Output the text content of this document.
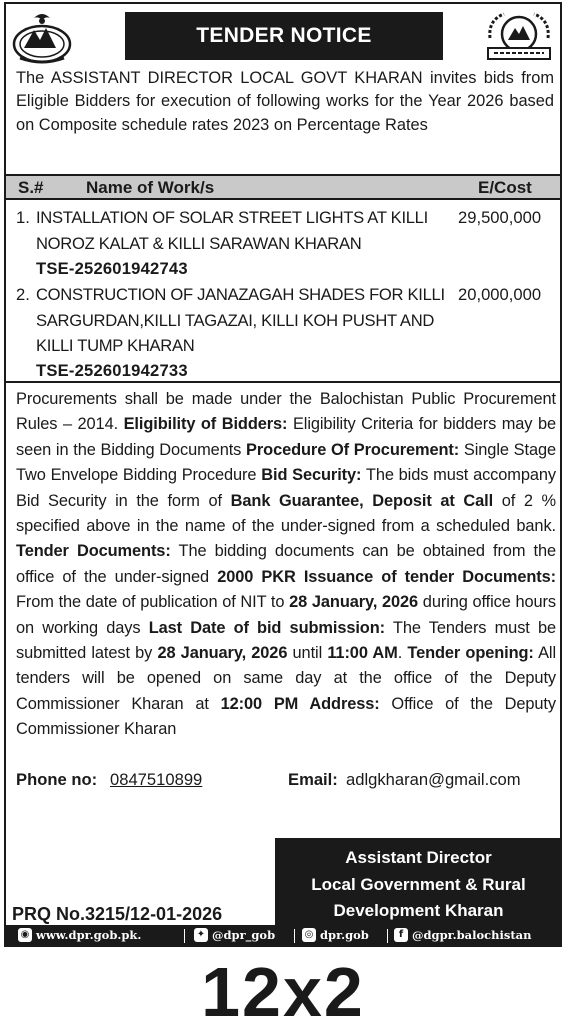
TENDER NOTICE
The ASSISTANT DIRECTOR LOCAL GOVT KHARAN invites bids from Eligible Bidders for execution of following works for the Year 2026 based on Composite schedule rates 2023 on Percentage Rates
S.# Name of Work/s	E/Cost
1. INSTALLATION OF SOLAR STREET LIGHTS AT KILLI NOROZ KALAT & KILLI SARAWAN KHARAN
29,500,000
TSE-252601942743
2. CONSTRUCTION OF JANAZAGAH SHADES FOR KILLI SARGURDAN,KILLI TAGAZAI, KILLI KOH PUSHT AND KILLI TUMP KHARAN
20,000,000
TSE-252601942733
Procurements shall be made under the Balochistan Public Procurement Rules – 2014. Eligibility of Bidders: Eligibility Criteria for bidders may be seen in the Bidding Documents Procedure Of Procurement: Single Stage Two Envelope Bidding Procedure Bid Security: The bids must accompany Bid Security in the form of Bank Guarantee, Deposit at Call of 2 % specified above in the name of the under-signed from a scheduled bank. Tender Documents: The bidding documents can be obtained from the office of the under-signed 2000 PKR Issuance of tender Documents: From the date of publication of NIT to 28 January, 2026 during office hours on working days Last Date of bid submission: The Tenders must be submitted latest by 28 January, 2026 until 11:00 AM. Tender opening: All tenders will be opened on same day at the office of the Deputy Commissioner Kharan at 12:00 PM Address: Office of the Deputy Commissioner Kharan
Phone no: 0847510899	Email: adlgkharan@gmail.com
PRQ No.3215/12-01-2026
Assistant Director
Local Government & Rural
Development Kharan
◉ www.dpr.gob.pk.	✦ @dpr_gob	◎ dpr.gob	f @dgpr.balochistan
12x2
